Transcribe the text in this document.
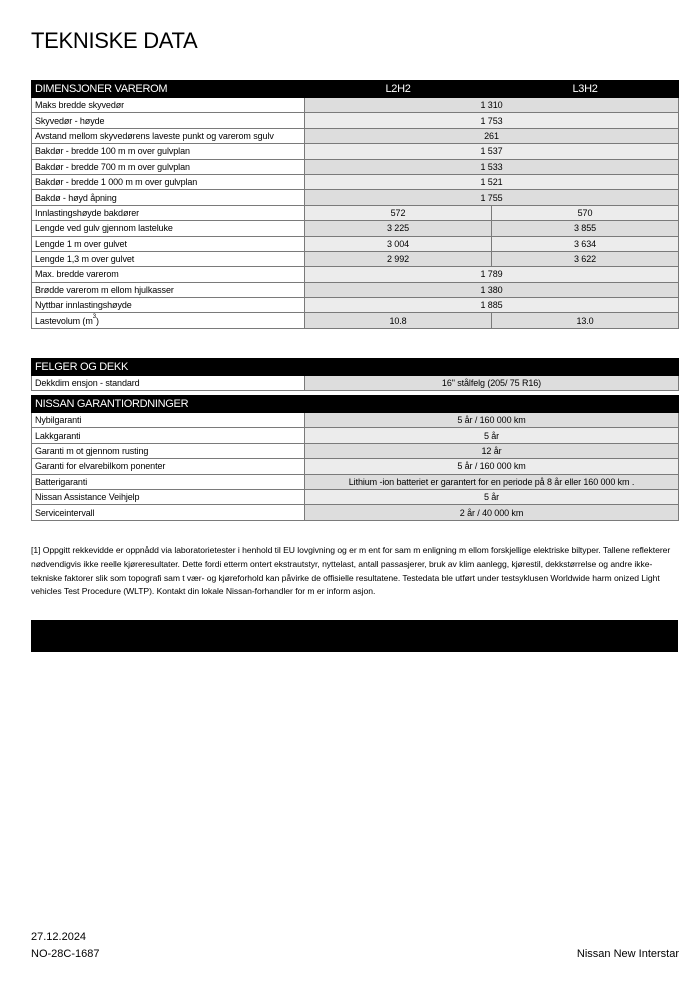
TEKNISKE DATA
DIMENSJONER VAREROM	L2H2	L3H2
Maks bredde skyvedør	1 310	
Skyvedør - høyde	1 753	
Avstand mellom skyvedørens laveste punkt og varerom sgulv	261	
Bakdør - bredde 100 m m over gulvplan	1 537	
Bakdør - bredde 700 m m over gulvplan	1 533	
Bakdør - bredde 1 000 m m over gulvplan	1 521	
Bakdø - høyd åpning	1 755	
Innlastingshøyde bakdører	572	570
Lengde ved gulv gjennom lasteluke	3 225	3 855
Lengde 1 m over gulvet	3 004	3 634
Lengde 1,3 m over gulvet	2 992	3 622
Max. bredde varerom	1 789	
Brødde varerom m ellom hjulkasser	1 380	
Nyttbar innlastingshøyde	1 885	
Lastevolum $(m^3)$	10.8	13.0
FELGER OG DEKK
Dekkdim ensjon - standard	16" stålfelg (205/ 75 R16)
NISSAN GARANTIORDNINGER	
Nybilgaranti	5 år / 160 000 km
Lakkgaranti	5 år
Garanti m ot gjennom rusting	12 år
Garanti for elvarebilkom ponenter	5 år / 160 000 km
Batterigaranti	Lithium -ion batteriet er garantert for en periode på 8 år eller 160 000 km .
Nissan Assistance Veihjelp	5 år
Serviceintervall	2 år / 40 000 km

[1] Oppgitt rekkevidde er oppnådd via laboratorietester i henhold til EU lovgivning og er m ent for sam m enligning m ellom forskjellige elektriske biltyper. Tallene reflekterer nødvendigvis ikke reelle kjøreresultater. Dette fordi etterm ontert ekstrautstyr, nyttelast, antall passasjerer, bruk av klim aanlegg, kjørestil, dekkstørrelse og andre ikke-tekniske faktorer slik som topografi sam t vær- og kjøreforhold kan påvirke de offisielle resultatene. Testedata ble utført under testsyklusen Worldwide harm onized Light vehicles Test Procedure (WLTP). Kontakt din lokale Nissan-forhandler for m er inform asjon.

27.12.2024
NO-28C-1687	Nissan New Interstar
